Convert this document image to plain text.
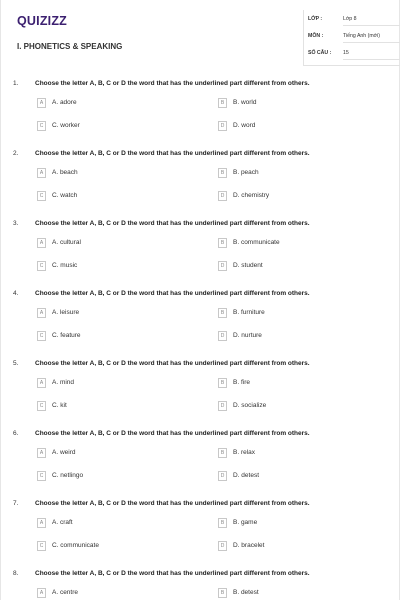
QUIZIZZ
I. PHONETICS & SPEAKING
LỚP :	Lớp 8
MÔN :	Tiếng Anh (mới)
SỐ CÂU : 15
1.	Choose the letter A, B, C or D the word that has the underlined part different from others.
A	A. adore	B	B. world
C	C. worker	D	D. word
2.	Choose the letter A, B, C or D the word that has the underlined part different from others.
A	A. beach	B	B. peach
C	C. watch	D	D. chemistry
3.	Choose the letter A, B, C or D the word that has the underlined part different from others.
A	A. cultural	B	B. communicate
C	C. music	D	D. student
4.	Choose the letter A, B, C or D the word that has the underlined part different from others.
A	A. leisure	B	B. furniture
C	C. feature	D	D. nurture
5.	Choose the letter A, B, C or D the word that has the underlined part different from others.
A	A. mind	B	B. fire
C	C. kit	D	D. socialize
6.	Choose the letter A, B, C or D the word that has the underlined part different from others.
A	A. weird	B	B. relax
C	C. netlingo	D	D. detest
7.	Choose the letter A, B, C or D the word that has the underlined part different from others.
A	A. craft	B	B. game
C	C. communicate	D	D. bracelet
8.	Choose the letter A, B, C or D the word that has the underlined part different from others.
A	A. centre	B	B. detest
